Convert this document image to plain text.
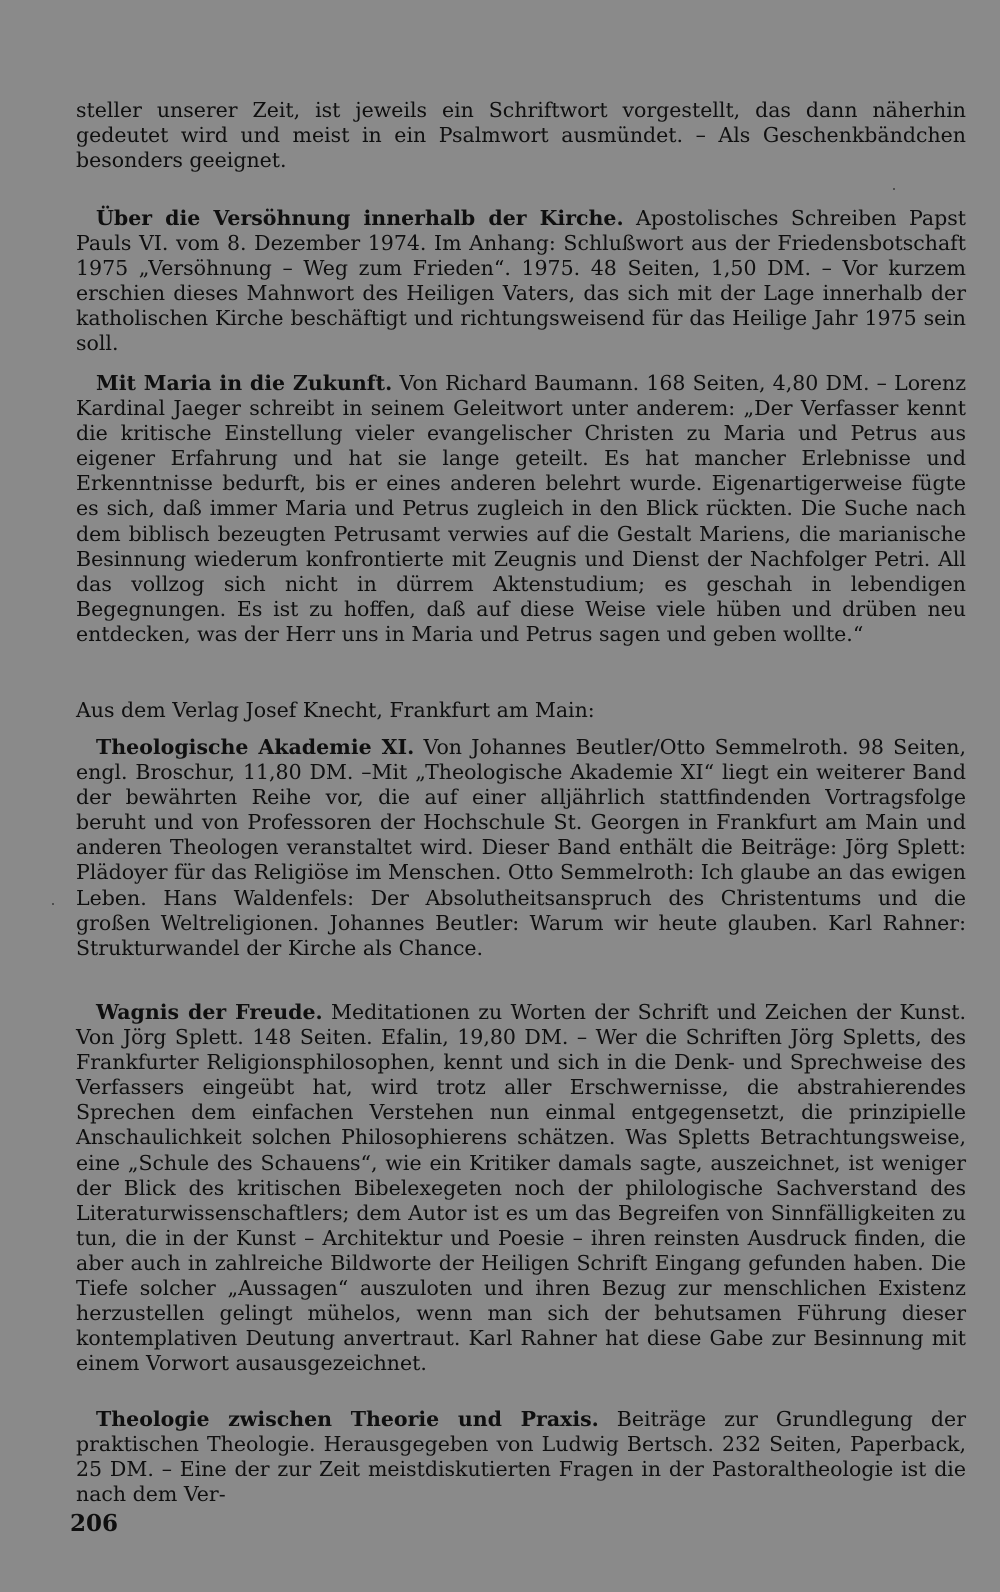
steller unserer Zeit, ist jeweils ein Schriftwort vorgestellt, das dann näherhin gedeutet wird und meist in ein Psalmwort ausmündet. – Als Geschenkbändchen besonders geeignet.

Über die Versöhnung innerhalb der Kirche. Apostolisches Schreiben Papst Pauls VI. vom 8. Dezember 1974. Im Anhang: Schlußwort aus der Friedensbotschaft 1975 „Versöhnung – Weg zum Frieden“. 1975. 48 Seiten, 1,50 DM. – Vor kurzem erschien dieses Mahnwort des Heiligen Vaters, das sich mit der Lage innerhalb der katholischen Kirche beschäftigt und richtungsweisend für das Heilige Jahr 1975 sein soll.

Mit Maria in die Zukunft. Von Richard Baumann. 168 Seiten, 4,80 DM. – Lorenz Kardinal Jaeger schreibt in seinem Geleitwort unter anderem: „Der Verfasser kennt die kritische Einstellung vieler evangelischer Christen zu Maria und Petrus aus eigener Erfahrung und hat sie lange geteilt. Es hat mancher Erlebnisse und Erkenntnisse bedurft, bis er eines anderen belehrt wurde. Eigenartigerweise fügte es sich, daß immer Maria und Petrus zugleich in den Blick rückten. Die Suche nach dem biblisch bezeugten Petrusamt verwies auf die Gestalt Mariens, die marianische Besinnung wiederum konfrontierte mit Zeugnis und Dienst der Nachfolger Petri. All das vollzog sich nicht in dürrem Aktenstudium; es geschah in lebendigen Begegnungen. Es ist zu hoffen, daß auf diese Weise viele hüben und drüben neu entdecken, was der Herr uns in Maria und Petrus sagen und geben wollte.“

Aus dem Verlag Josef Knecht, Frankfurt am Main:

Theologische Akademie XI. Von Johannes Beutler/Otto Semmelroth. 98 Seiten, engl. Broschur, 11,80 DM. –Mit „Theologische Akademie XI“ liegt ein weiterer Band der bewährten Reihe vor, die auf einer alljährlich stattfindenden Vortragsfolge beruht und von Professoren der Hochschule St. Georgen in Frankfurt am Main und anderen Theologen veranstaltet wird. Dieser Band enthält die Beiträge: Jörg Splett: Plädoyer für das Religiöse im Menschen. Otto Semmelroth: Ich glaube an das ewigen Leben. Hans Waldenfels: Der Absolutheitsanspruch des Christentums und die großen Weltreligionen. Johannes Beutler: Warum wir heute glauben. Karl Rahner: Strukturwandel der Kirche als Chance.

Wagnis der Freude. Meditationen zu Worten der Schrift und Zeichen der Kunst. Von Jörg Splett. 148 Seiten. Efalin, 19,80 DM. – Wer die Schriften Jörg Spletts, des Frankfurter Religionsphilosophen, kennt und sich in die Denk- und Sprechweise des Verfassers eingeübt hat, wird trotz aller Erschwernisse, die abstrahierendes Sprechen dem einfachen Verstehen nun einmal entgegensetzt, die prinzipielle Anschaulichkeit solchen Philosophierens schätzen. Was Spletts Betrachtungsweise, eine „Schule des Schauens“, wie ein Kritiker damals sagte, auszeichnet, ist weniger der Blick des kritischen Bibelexegeten noch der philologische Sachverstand des Literaturwissenschaftlers; dem Autor ist es um das Begreifen von Sinnfälligkeiten zu tun, die in der Kunst – Architektur und Poesie – ihren reinsten Ausdruck finden, die aber auch in zahlreiche Bildworte der Heiligen Schrift Eingang gefunden haben. Die Tiefe solcher „Aussagen“ auszuloten und ihren Bezug zur menschlichen Existenz herzustellen gelingt mühelos, wenn man sich der behutsamen Führung dieser kontemplativen Deutung anvertraut. Karl Rahner hat diese Gabe zur Besinnung mit einem Vorwort ausausgezeichnet.

Theologie zwischen Theorie und Praxis. Beiträge zur Grundlegung der praktischen Theologie. Herausgegeben von Ludwig Bertsch. 232 Seiten, Paperback, 25 DM. – Eine der zur Zeit meistdiskutierten Fragen in der Pastoraltheologie ist die nach dem Ver-

206
